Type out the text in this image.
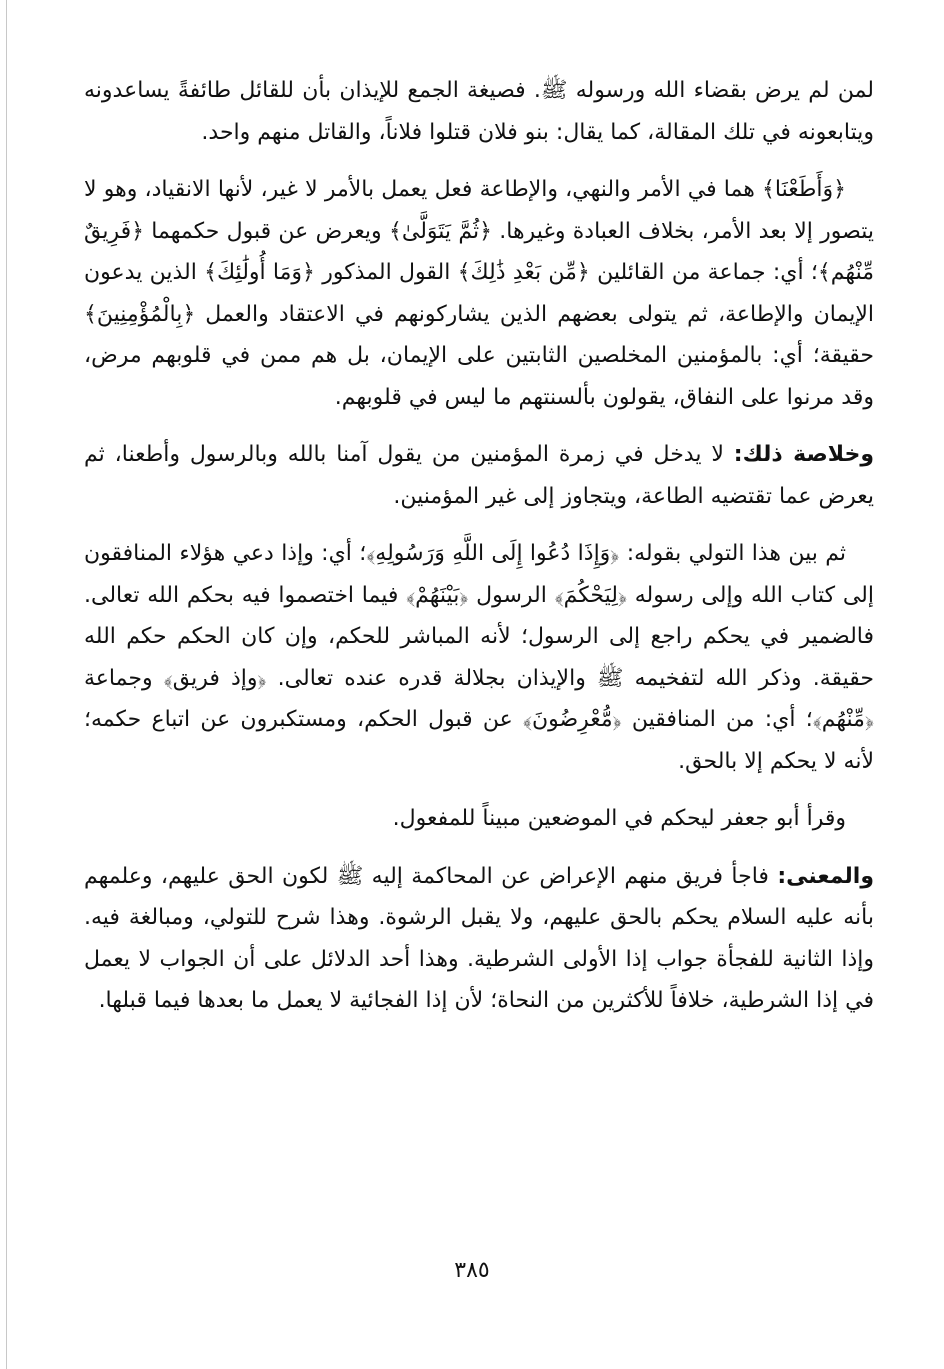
لمن لم يرض بقضاء الله ورسوله ﷺ. فصيغة الجمع للإيذان بأن للقائل طائفةً يساعدونه ويتابعونه في تلك المقالة، كما يقال: بنو فلان قتلوا فلاناً، والقاتل منهم واحد.

﴿وَأَطَعْنَا﴾ هما في الأمر والنهي، والإطاعة فعل يعمل بالأمر لا غير، لأنها الانقياد، وهو لا يتصور إلا بعد الأمر، بخلاف العبادة وغيرها. ﴿ثُمَّ يَتَوَلَّىٰ﴾ ويعرض عن قبول حكمهما ﴿فَرِيقٌ مِّنْهُم﴾؛ أي: جماعة من القائلين ﴿مِّن بَعْدِ ذَٰلِكَ﴾ القول المذكور ﴿وَمَا أُولَٰئِكَ﴾ الذين يدعون الإيمان والإطاعة، ثم يتولى بعضهم الذين يشاركونهم في الاعتقاد والعمل ﴿بِالْمُؤْمِنِينَ﴾ حقيقة؛ أي: بالمؤمنين المخلصين الثابتين على الإيمان، بل هم ممن في قلوبهم مرض، وقد مرنوا على النفاق، يقولون بألسنتهم ما ليس في قلوبهم.

وخلاصة ذلك: لا يدخل في زمرة المؤمنين من يقول آمنا بالله وبالرسول وأطعنا، ثم يعرض عما تقتضيه الطاعة، ويتجاوز إلى غير المؤمنين.

ثم بين هذا التولي بقوله: ﴿وَإِذَا دُعُوا إِلَى اللَّهِ وَرَسُولِهِ﴾؛ أي: وإذا دعي هؤلاء المنافقون إلى كتاب الله وإلى رسوله ﴿لِيَحْكُمَ﴾ الرسول ﴿بَيْنَهُمْ﴾ فيما اختصموا فيه بحكم الله تعالى. فالضمير في يحكم راجع إلى الرسول؛ لأنه المباشر للحكم، وإن كان الحكم حكم الله حقيقة. وذكر الله لتفخيمه ﷺ والإيذان بجلالة قدره عنده تعالى. ﴿وإذ فريق﴾ وجماعة ﴿مِّنْهُم﴾؛ أي: من المنافقين ﴿مُّعْرِضُونَ﴾ عن قبول الحكم، ومستكبرون عن اتباع حكمه؛ لأنه لا يحكم إلا بالحق.

وقرأ أبو جعفر ليحكم في الموضعين مبيناً للمفعول.

والمعنى: فاجأ فريق منهم الإعراض عن المحاكمة إليه ﷺ لكون الحق عليهم، وعلمهم بأنه عليه السلام يحكم بالحق عليهم، ولا يقبل الرشوة. وهذا شرح للتولي، ومبالغة فيه. وإذا الثانية للفجأة جواب إذا الأولى الشرطية. وهذا أحد الدلائل على أن الجواب لا يعمل في إذا الشرطية، خلافاً للأكثرين من النحاة؛ لأن إذا الفجائية لا يعمل ما بعدها فيما قبلها.

٣٨٥
